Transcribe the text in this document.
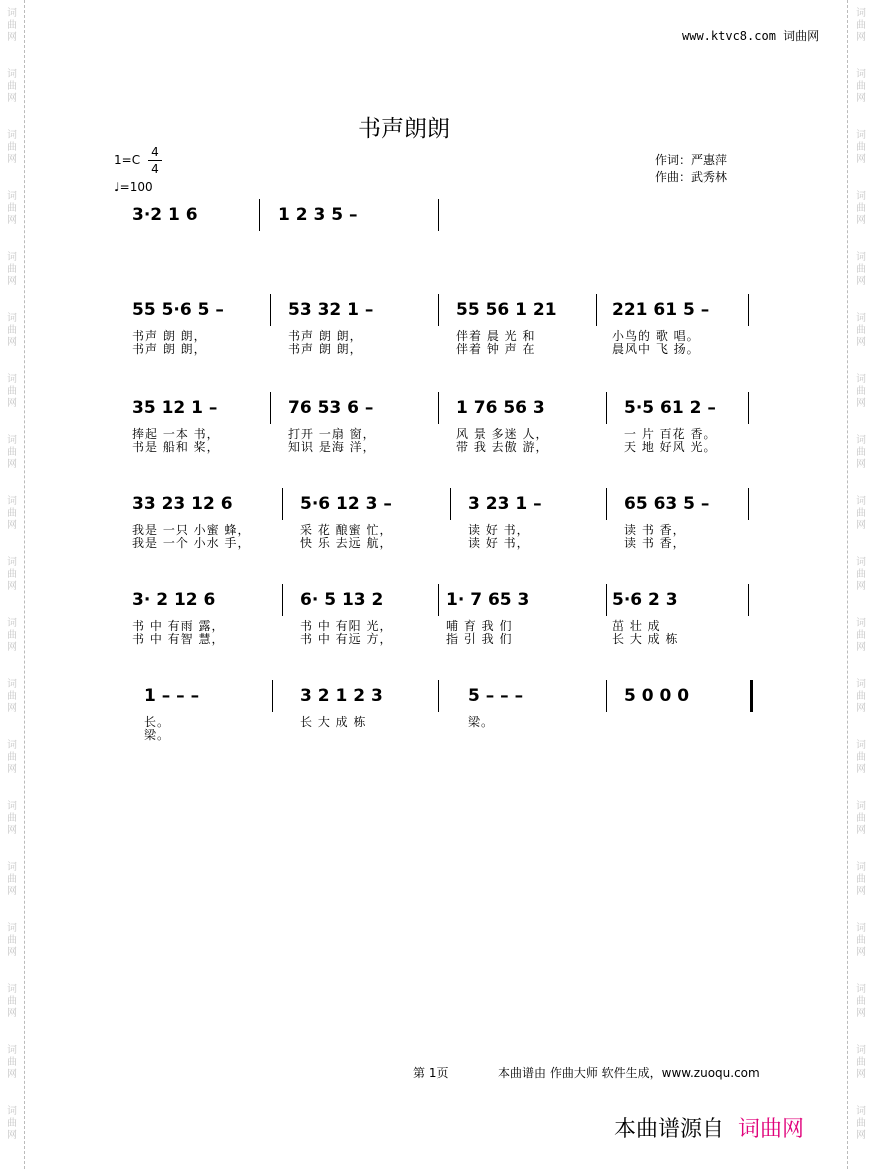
词
曲
网
词
曲
网
词
曲
网
词
曲
网
词
曲
网
词
曲
网
词
曲
网
词
曲
网
词
曲
网
词
曲
网
词
曲
网
词
曲
网
词
曲
网
词
曲
网
词
曲
网
词
曲
网
词
曲
网
词
曲
网
词
曲
网
词
曲
网
词
曲
网
词
曲
网
词
曲
网
词
曲
网
词
曲
网
词
曲
网
词
曲
网
词
曲
网
词
曲
网
词
曲
网
词
曲
网
词
曲
网
词
曲
网
词
曲
网
词
曲
网
词
曲
网
词
曲
网
词
曲
网
www.ktvc8.com 词曲网
书声朗朗
1=C
4
4
♩=100
作词：严惠萍
作曲：武秀林
3·2 1 6	1 2 3 5 –
55 5·6 5 –
书声 朗 朗，
书声 朗 朗，
53 32 1 –
书声 朗 朗，
书声 朗 朗，
55 56 1 21
伴着 晨 光 和
伴着 钟 声 在
221 61 5 –
小鸟的 歌 唱。
晨风中 飞 扬。
35 12 1 –
捧起 一本 书，
书是 船和 桨，
76 53 6 –
打开 一扇 窗，
知识 是海 洋，
1 76 56 3
风 景 多迷 人，
带 我 去傲 游，
5·5 61 2 –
一 片 百花 香。
天 地 好风 光。
33 23 12 6
我是 一只 小蜜 蜂，
我是 一个 小水 手，
5·6 12 3 –
采 花 酿蜜 忙，
快 乐 去远 航，
3 23 1 –
读 好 书，
读 好 书，
65 63 5 –
读 书 香，
读 书 香，
3· 2 12 6
书 中 有雨 露，
书 中 有智 慧，
6· 5 13 2
书 中 有阳 光，
书 中 有远 方，
1· 7 65 3
哺 育 我 们
指 引 我 们
5·6 2 3
茁 壮 成
长 大 成 栋
1 – – –
长。
梁。
3 2 1 2 3
长 大 成 栋
5 – – –
梁。
5 0 0 0
第 1页	本曲谱由 作曲大师 软件生成，www.zuoqu.com
本曲谱源自 词曲网
